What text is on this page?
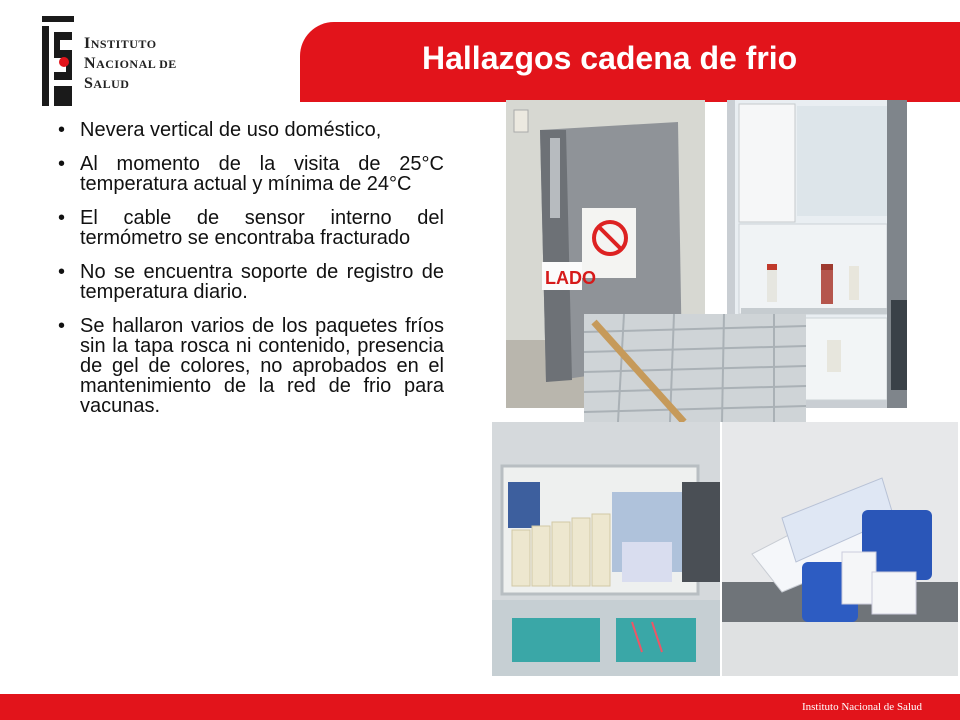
INSTITUTO
NACIONAL DE
SALUD
Hallazgos cadena de frio
• Nevera vertical de uso doméstico,
• Al momento de la visita de 25°C temperatura actual y mínima de 24°C
• El cable de sensor interno del termómetro se encontraba fracturado
• No se encuentra soporte de registro de temperatura diario.
• Se hallaron varios de los paquetes fríos sin la tapa rosca ni contenido, presencia de gel de colores, no aprobados en el mantenimiento de la red de frio para vacunas.
LADO
Instituto Nacional de Salud
